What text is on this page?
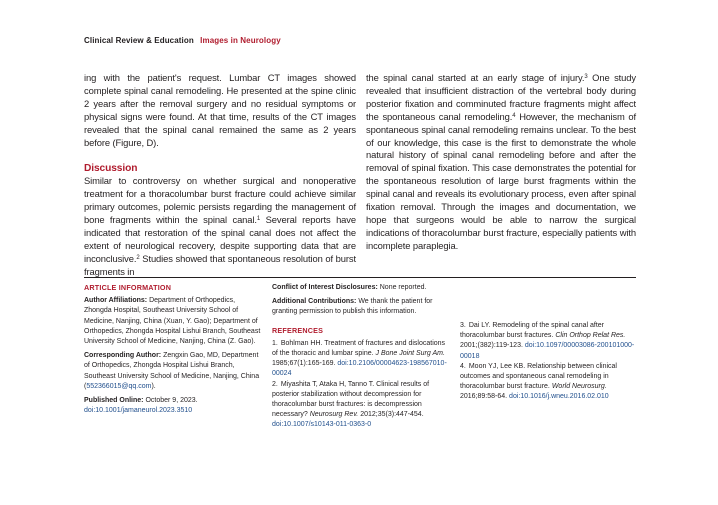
Clinical Review & Education Images in Neurology

ing with the patient's request. Lumbar CT images showed complete spinal canal remodeling. He presented at the spine clinic 2 years after the removal surgery and no residual symptoms or physical signs were found. At that time, results of the CT images revealed that the spinal canal remained the same as 2 years before (Figure, D).

Discussion

Similar to controversy on whether surgical and nonoperative treatment for a thoracolumbar burst fracture could achieve similar primary outcomes, polemic persists regarding the management of bone fragments within the spinal canal.$^1$ Several reports have indicated that restoration of the spinal canal does not affect the extent of neurological recovery, despite supporting data that are inconclusive.$^2$ Studies showed that spontaneous resolution of burst fragments in

the spinal canal started at an early stage of injury.$^3$ One study revealed that insufficient distraction of the vertebral body during posterior fixation and comminuted fracture fragments might affect the spontaneous canal remodeling.$^4$ However, the mechanism of spontaneous spinal canal remodeling remains unclear. To the best of our knowledge, this case is the first to demonstrate the whole natural history of spinal canal remodeling before and after the removal of spinal fixation. This case demonstrates the potential for the spontaneous resolution of large burst fragments within the spinal canal and reveals its evolutionary process, even after spinal fixation removal. Through the images and documentation, we hope that surgeons would be able to narrow the surgical indications of thoracolumbar burst fracture, especially patients with incomplete paraplegia.

ARTICLE INFORMATION

Author Affiliations: Department of Orthopedics, Zhongda Hospital, Southeast University School of Medicine, Nanjing, China (Xuan, Y. Gao); Department of Orthopedics, Zhongda Hospital Lishui Branch, Southeast University School of Medicine, Nanjing, China (Z. Gao).

Corresponding Author: Zengxin Gao, MD, Department of Orthopedics, Zhongda Hospital Lishui Branch, Southeast University School of Medicine, Nanjing, China (552366015@qq.com).

Published Online: October 9, 2023.

doi:10.1001/jamaneurol.2023.3510

Conflict of Interest Disclosures: None reported.

Additional Contributions: We thank the patient for granting permission to publish this information.

REFERENCES

1. Bohlman HH. Treatment of fractures and dislocations of the thoracic and lumbar spine. J Bone Joint Surg Am. 1985;67(1):165-169. doi:10.2106/00004623-198567010-00024

2. Miyashita T, Ataka H, Tanno T. Clinical results of posterior stabilization without decompression for thoracolumbar burst fractures: is decompression necessary? Neurosurg Rev. 2012;35(3):447-454. doi:10.1007/s10143-011-0363-0

3. Dai LY. Remodeling of the spinal canal after thoracolumbar burst fractures. Clin Orthop Relat Res. 2001;(382):119-123. doi:10.1097/00003086-200101000-00018

4. Moon YJ, Lee KB. Relationship between clinical outcomes and spontaneous canal remodeling in thoracolumbar burst fracture. World Neurosurg. 2016;89:58-64. doi:10.1016/j.wneu.2016.02.010
